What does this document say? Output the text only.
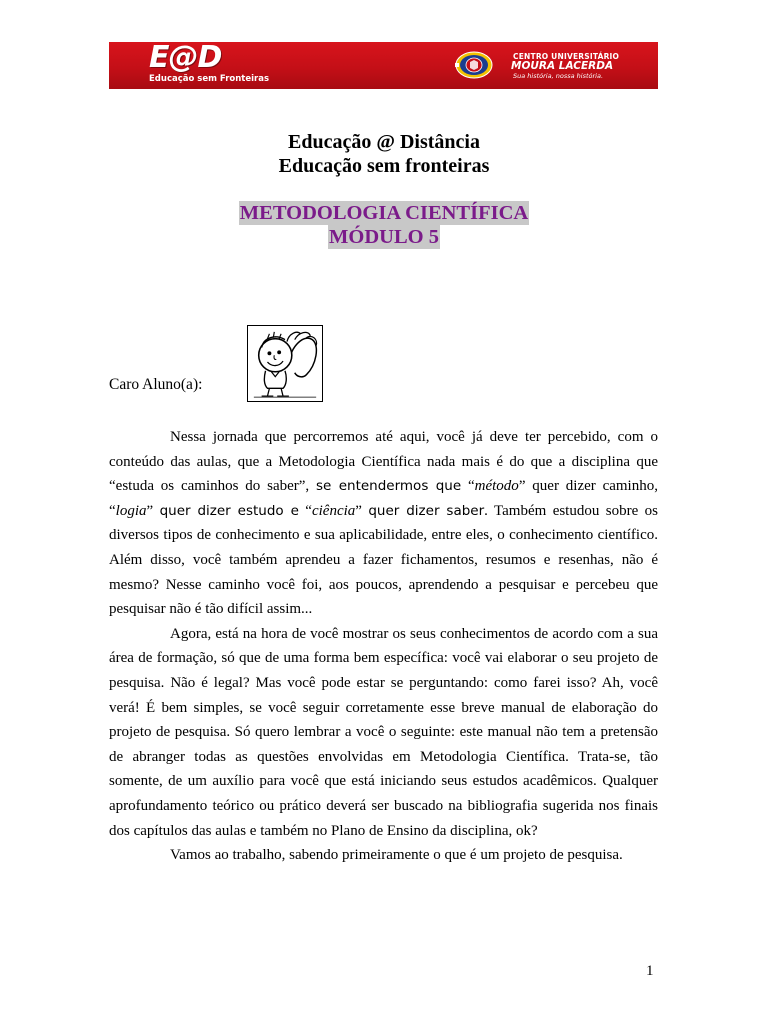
E@D
Educação sem Fronteiras
CENTRO UNIVERSITÁRIO
MOURA LACERDA
Sua história, nossa história.
Educação @ Distância
Educação sem fronteiras
METODOLOGIA CIENTÍFICA
MÓDULO 5
Caro Aluno(a):

Nessa jornada que percorremos até aqui, você já deve ter percebido, com o conteúdo das aulas, que a Metodologia Científica nada mais é do que a disciplina que “estuda os caminhos do saber”, se entendermos que “método” quer dizer caminho, “logia” quer dizer estudo e “ciência” quer dizer saber. Também estudou sobre os diversos tipos de conhecimento e sua aplicabilidade, entre eles, o conhecimento científico. Além disso, você também aprendeu a fazer fichamentos, resumos e resenhas, não é mesmo? Nesse caminho você foi, aos poucos, aprendendo a pesquisar e percebeu que pesquisar não é tão difícil assim...

Agora, está na hora de você mostrar os seus conhecimentos de acordo com a sua área de formação, só que de uma forma bem específica: você vai elaborar o seu projeto de pesquisa. Não é legal? Mas você pode estar se perguntando: como farei isso? Ah, você verá! É bem simples, se você seguir corretamente esse breve manual de elaboração do projeto de pesquisa. Só quero lembrar a você o seguinte: este manual não tem a pretensão de abranger todas as questões envolvidas em Metodologia Científica. Trata-se, tão somente, de um auxílio para você que está iniciando seus estudos acadêmicos. Qualquer aprofundamento teórico ou prático deverá ser buscado na bibliografia sugerida nos finais dos capítulos das aulas e também no Plano de Ensino da disciplina, ok?

Vamos ao trabalho, sabendo primeiramente o que é um projeto de pesquisa.

1
